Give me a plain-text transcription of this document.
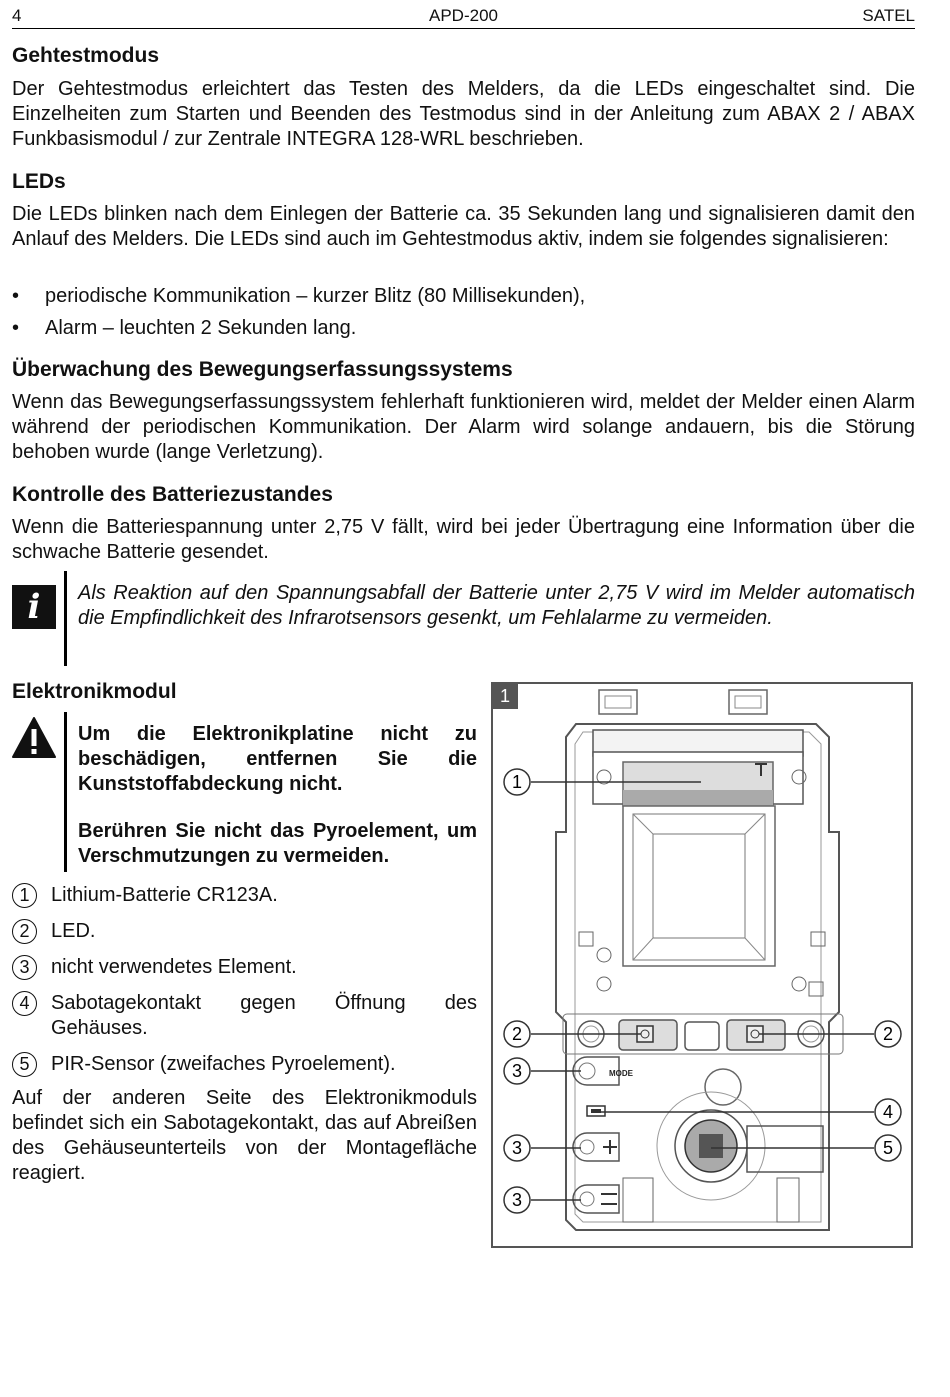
4	APD-200	SATEL
Gehtestmodus

Der Gehtestmodus erleichtert das Testen des Melders, da die LEDs eingeschaltet sind. Die Einzelheiten zum Starten und Beenden des Testmodus sind in der Anleitung zum ABAX 2 / ABAX Funkbasismodul / zur Zentrale INTEGRA 128-WRL beschrieben.

LEDs

Die LEDs blinken nach dem Einlegen der Batterie ca. 35 Sekunden lang und signalisieren damit den Anlauf des Melders. Die LEDs sind auch im Gehtestmodus aktiv, indem sie folgendes signalisieren:

• periodische Kommunikation – kurzer Blitz (80 Millisekunden),
• Alarm – leuchten 2 Sekunden lang.
Überwachung des Bewegungserfassungssystems

Wenn das Bewegungserfassungssystem fehlerhaft funktionieren wird, meldet der Melder einen Alarm während der periodischen Kommunikation. Der Alarm wird solange andauern, bis die Störung behoben wurde (lange Verletzung).

Kontrolle des Batteriezustandes

Wenn die Batteriespannung unter 2,75 V fällt, wird bei jeder Übertragung eine Information über die schwache Batterie gesendet.

i	Als Reaktion auf den Spannungsabfall der Batterie unter 2,75 V wird im Melder automatisch die Empfindlichkeit des Infrarotsensors gesenkt, um Fehlalarme zu vermeiden.
Elektronikmodul
Um die Elektronikplatine nicht zu beschädigen, entfernen Sie die Kunststoffabdeckung nicht.
Berühren Sie nicht das Pyroelement, um Verschmutzungen zu vermeiden.
1	Lithium-Batterie CR123A.
2	LED.
3	nicht verwendetes Element.
4	Sabotagekontakt gegen Öffnung des Gehäuses.
5	PIR-Sensor (zweifaches Pyroelement).

Auf der anderen Seite des Elektronikmoduls befindet sich ein Sabotagekontakt, das auf Abreißen des Gehäuseunterteils von der Montagefläche reagiert.

1
MODE
1
2	2
3
3
3
4
5
